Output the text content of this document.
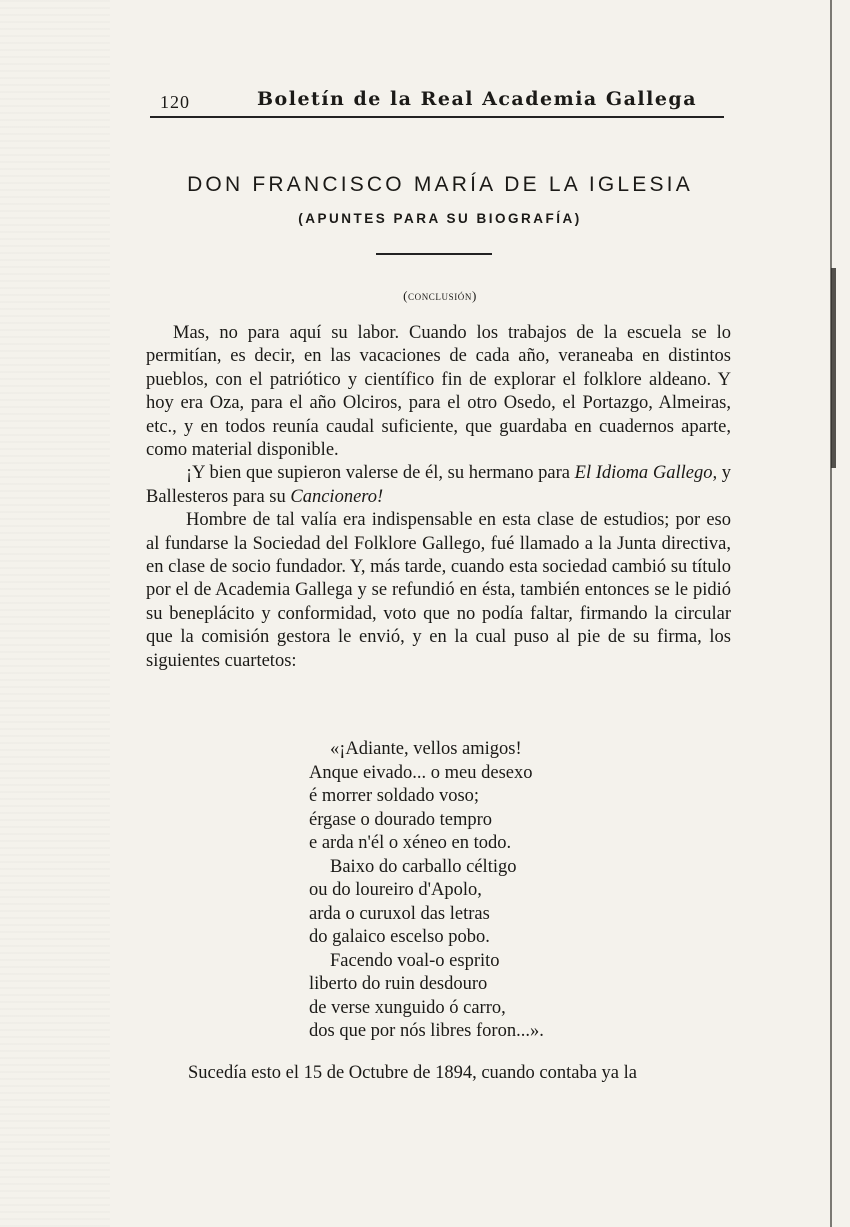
120	Boletín de la Real Academia Gallega
DON FRANCISCO MARÍA DE LA IGLESIA
(APUNTES PARA SU BIOGRAFÍA)
(conclusión)

Mas, no para aquí su labor. Cuando los trabajos de la escuela se lo permitían, es decir, en las vacaciones de cada año, veraneaba en distintos pueblos, con el patriótico y científico fin de explorar el folklore aldeano. Y hoy era Oza, para el año Olciros, para el otro Osedo, el Portazgo, Almeiras, etc., y en todos reunía caudal suficiente, que guardaba en cuadernos aparte, como material disponible.

¡Y bien que supieron valerse de él, su hermano para El Idioma Gallego, y Ballesteros para su Cancionero!

Hombre de tal valía era indispensable en esta clase de estudios; por eso al fundarse la Sociedad del Folklore Gallego, fué llamado a la Junta directiva, en clase de socio fundador. Y, más tarde, cuando esta sociedad cambió su título por el de Academia Gallega y se refundió en ésta, también entonces se le pidió su beneplácito y conformidad, voto que no podía faltar, firmando la circular que la comisión gestora le envió, y en la cual puso al pie de su firma, los siguientes cuartetos:

«¡Adiante, vellos amigos!
Anque eivado... o meu desexo
é morrer soldado voso;
érgase o dourado tempro
e arda n'él o xéneo en todo.
Baixo do carballo céltigo
ou do loureiro d'Apolo,
arda o curuxol das letras
do galaico escelso pobo.
Facendo voal-o esprito
liberto do ruin desdouro
de verse xunguido ó carro,
dos que por nós libres foron...».
Sucedía esto el 15 de Octubre de 1894, cuando contaba ya la
